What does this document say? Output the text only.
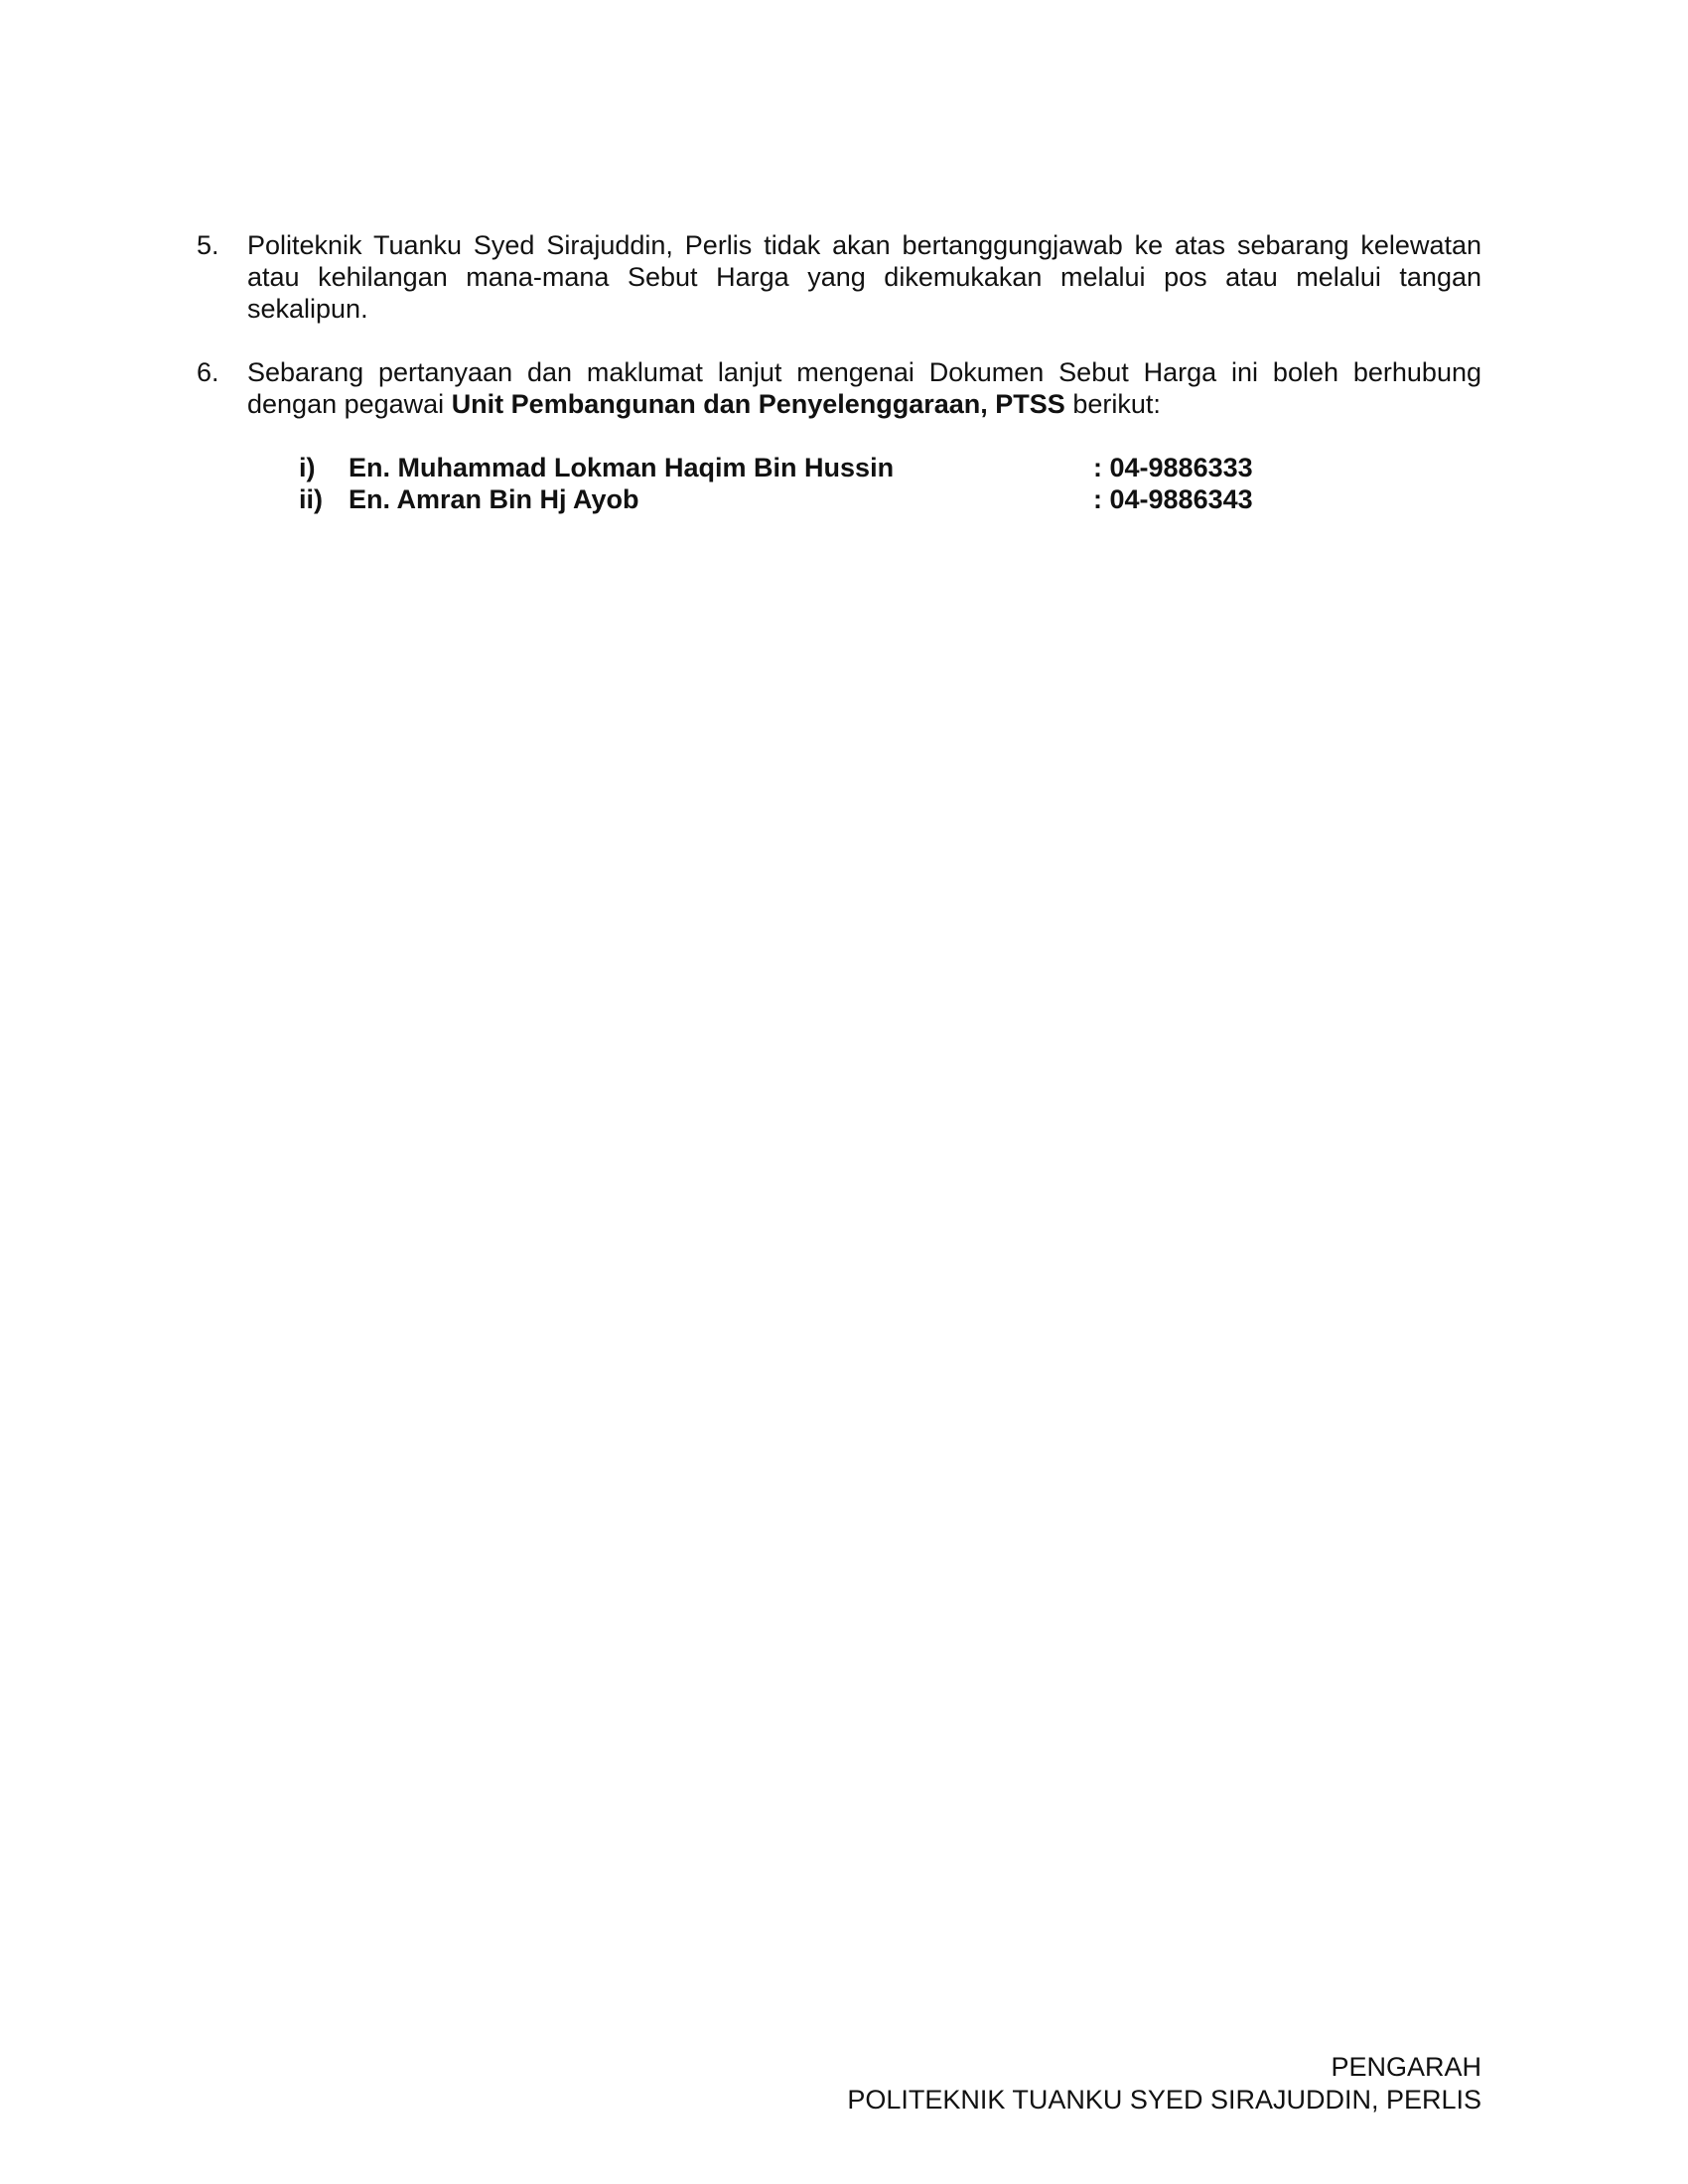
5. Politeknik Tuanku Syed Sirajuddin, Perlis tidak akan bertanggungjawab ke atas sebarang kelewatan atau kehilangan mana-mana Sebut Harga yang dikemukakan melalui pos atau melalui tangan sekalipun.
6. Sebarang pertanyaan dan maklumat lanjut mengenai Dokumen Sebut Harga ini boleh berhubung dengan pegawai Unit Pembangunan dan Penyelenggaraan, PTSS berikut:
i)	En. Muhammad Lokman Haqim Bin Hussin	: 04-9886333
ii) En. Amran Bin Hj Ayob	: 04-9886343
PENGARAH
POLITEKNIK TUANKU SYED SIRAJUDDIN, PERLIS
